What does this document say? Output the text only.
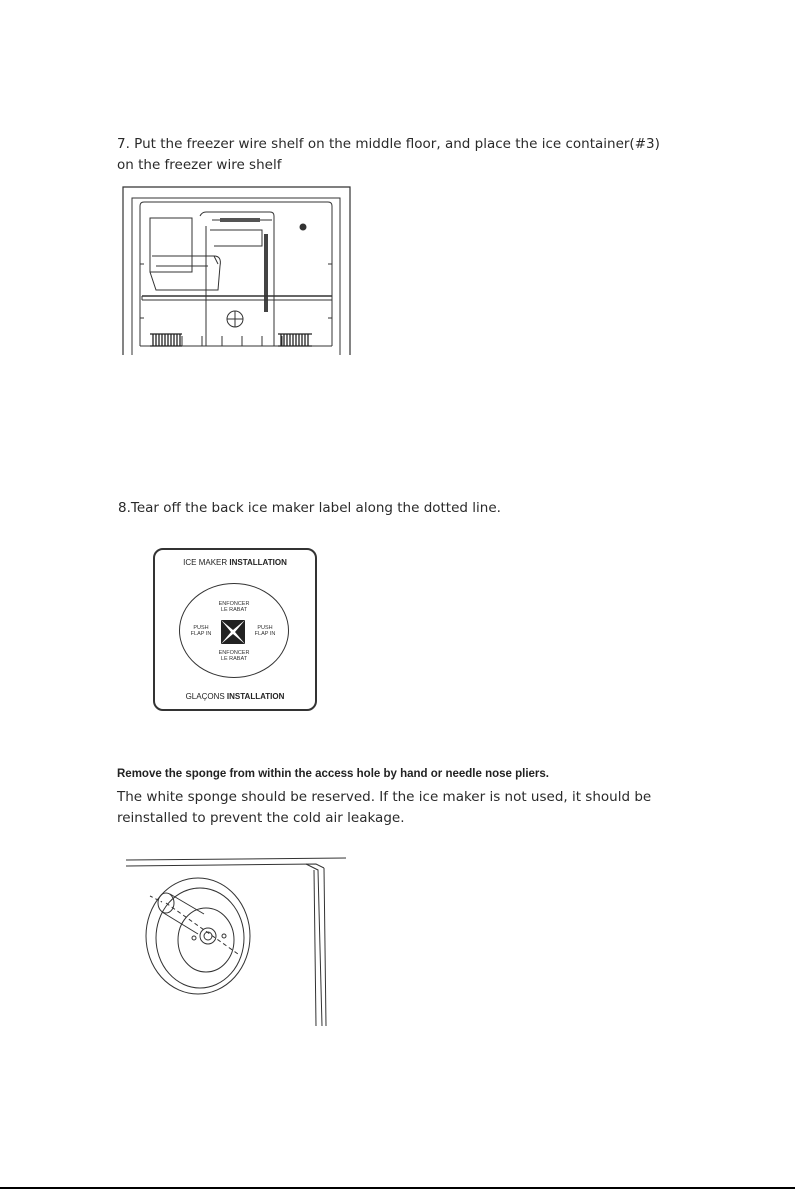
7. Put the freezer wire shelf on the middle floor, and place the ice container(#3) on the freezer wire shelf

8.Tear off the back ice maker label along the dotted line.

ICE MAKER INSTALLATION
ENFONCER LE RABAT
PUSH FLAP IN
PUSH FLAP IN
ENFONCER LE RABAT
GLAÇONS INSTALLATION

Remove the sponge from within the access hole by hand or needle nose pliers.

The white sponge should be reserved. If the ice maker is not used, it should be reinstalled to prevent the cold air leakage.
